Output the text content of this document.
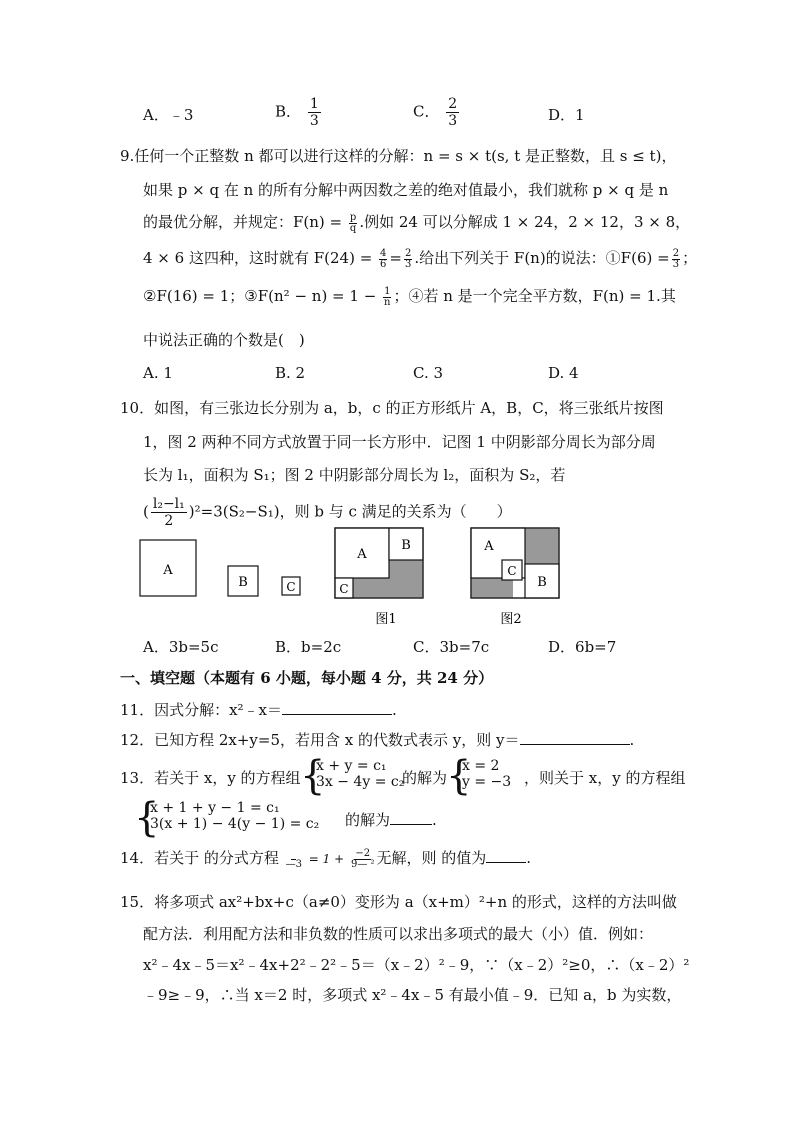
A．﹣3	B． $\frac{1}{3}$	C． $\frac{2}{3}$	D．1
9.任何一个正整数 n 都可以进行这样的分解：n = s × t(s, t 是正整数，且 s ≤ t)，
如果 p × q 在 n 的所有分解中两因数之差的绝对值最小，我们就称 p × q 是 n
的最优分解，并规定：$F(n) = \frac{p}{q}$ .例如 24 可以分解成 1 × 24，2 × 12，3 × 8，
4 × 6 这四种，这时就有 $F(24) = \frac{4}{6} = \frac{2}{3}$ .给出下列关于 F(n)的说法：①F(6) = $\frac{2}{3}$ ；
②F(16) = 1；③F(n² − $n) = 1 - \frac{1}{n}$ ；④若 n 是一个完全平方数，F(n) = 1.其
中说法正确的个数是(　)
A. 1	B. 2	C. 3	D. 4
10．如图，有三张边长分别为 a，b，c 的正方形纸片 A，B，C，将三张纸片按图
1，图 2 两种不同方式放置于同一长方形中．记图 1 中阴影部分周长为部分周
长为 l₁，面积为 S₁；图 2 中阴影部分周长为 l₂，面积为 S₂，若
( $\frac{\text{l₂−l₁}}{2} )^2=3(S_2-S_1)$，则 b 与 c 满足的关系为（　　）
A
B	C
A
B
C
图1
A
B
C
图2
A．3b=5c	B．b=2c	C．3b=7c	D．6b=7
一、填空题（本题有 6 小题，每小题 4 分，共 24 分）
11．因式分解：x²﹣x＝	.
12．已知方程 2x+y=5，若用含 x 的代数式表示 y，则 y＝	.
13．若关于 x，y 的方程组 {
x + y = c₁
3x − 4y = c₂
的解为
{
x = 2
y = −3 ，则关于 x，y 的方程组
{
x + 1 + y − 1 = c₁
3(x + 1) − 4(y − 1) = c₂ 的解为	.
14．若关于 的分式方程
—3 = $1 + \frac{-2}{\text{9— ²}}$ 无解，则 的值为	.
15．将多项式 ax²+bx+c（a≠0）变形为 a（x+m）²+n 的形式，这样的方法叫做
配方法．利用配方法和非负数的性质可以求出多项式的最大（小）值．例如：
x²﹣4x﹣5＝x²﹣4x+2²﹣2²﹣5＝（x﹣2）²﹣9，∵（x﹣2）²≥0，∴（x﹣2）²
﹣9≥﹣9，∴当 x＝2 时，多项式 x²﹣4x﹣5 有最小值﹣9．已知 a，b 为实数，
